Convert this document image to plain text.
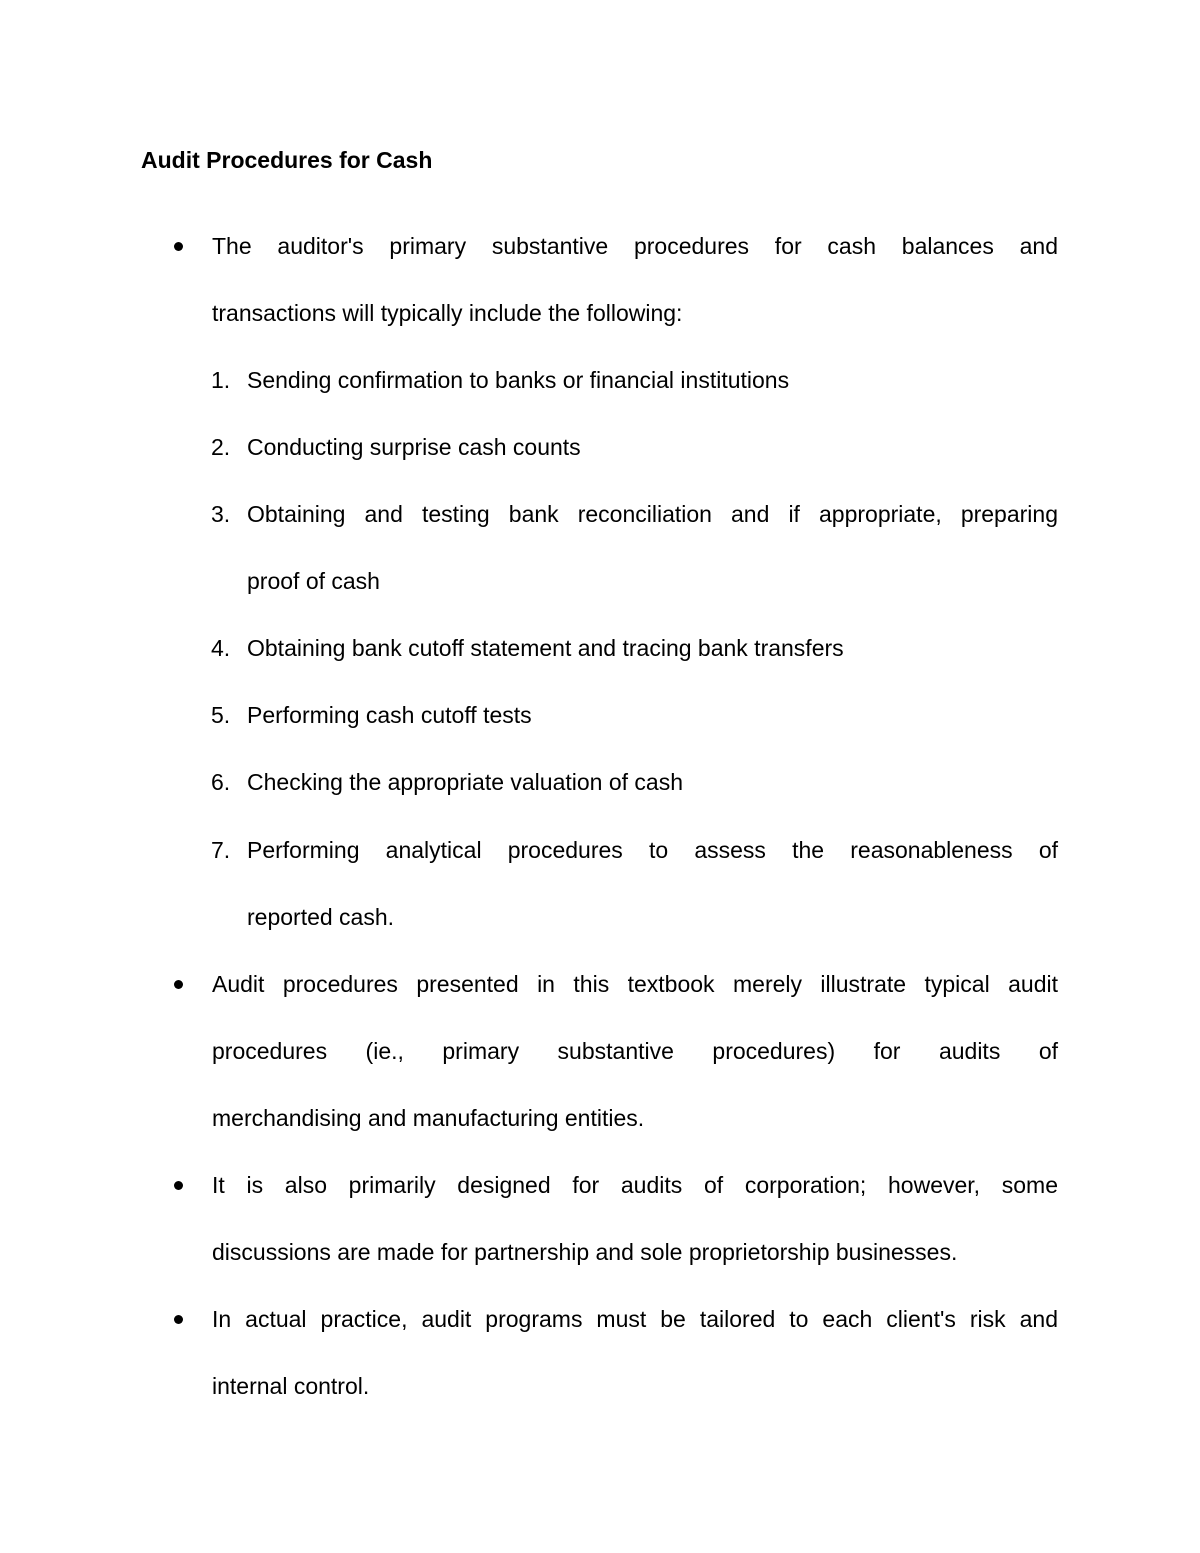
Audit Procedures for Cash
The auditor's primary substantive procedures for cash balances and
transactions will typically include the following:
1. Sending confirmation to banks or financial institutions
2. Conducting surprise cash counts
3. Obtaining and testing bank reconciliation and if appropriate, preparing
proof of cash
4. Obtaining bank cutoff statement and tracing bank transfers
5. Performing cash cutoff tests
6. Checking the appropriate valuation of cash
7. Performing analytical procedures to assess the reasonableness of
reported cash.
Audit procedures presented in this textbook merely illustrate typical audit
procedures (ie., primary substantive procedures) for audits of
merchandising and manufacturing entities.
It is also primarily designed for audits of corporation; however, some
discussions are made for partnership and sole proprietorship businesses.
In actual practice, audit programs must be tailored to each client's risk and
internal control.
